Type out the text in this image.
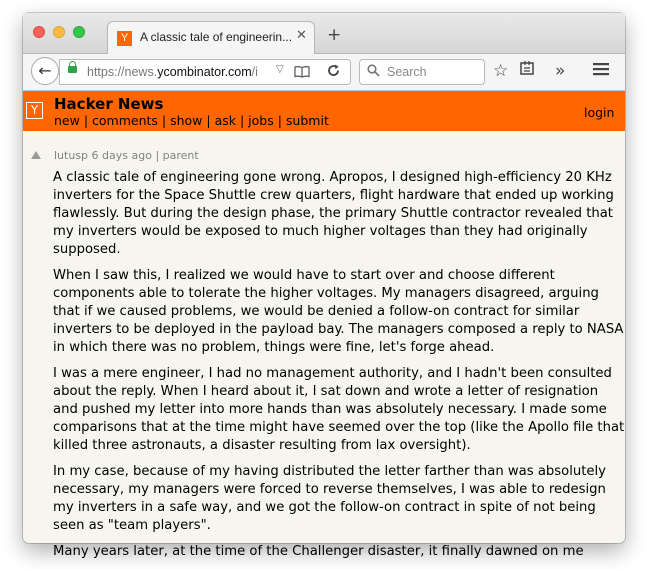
Y A classic tale of engineerin... ✕ +
←	https://news.ycombinator.com/i	▽	Search	☆	»
Y	Hacker News
new | comments | show | ask | jobs | submit
login
lutusp 6 days ago | parent

A classic tale of engineering gone wrong. Apropos, I designed high-efficiency 20 KHz inverters for the Space Shuttle crew quarters, flight hardware that ended up working flawlessly. But during the design phase, the primary Shuttle contractor revealed that my inverters would be exposed to much higher voltages than they had originally supposed.

When I saw this, I realized we would have to start over and choose different components able to tolerate the higher voltages. My managers disagreed, arguing that if we caused problems, we would be denied a follow-on contract for similar inverters to be deployed in the payload bay. The managers composed a reply to NASA in which there was no problem, things were fine, let's forge ahead.

I was a mere engineer, I had no management authority, and I hadn't been consulted about the reply. When I heard about it, I sat down and wrote a letter of resignation and pushed my letter into more hands than was absolutely necessary. I made some comparisons that at the time might have seemed over the top (like the Apollo file that killed three astronauts, a disaster resulting from lax oversight).

In my case, because of my having distributed the letter farther than was absolutely necessary, my managers were forced to reverse themselves, I was able to redesign my inverters in a safe way, and we got the follow-on contract in spite of not being seen as "team players".

Many years later, at the time of the Challenger disaster, it finally dawned on me
